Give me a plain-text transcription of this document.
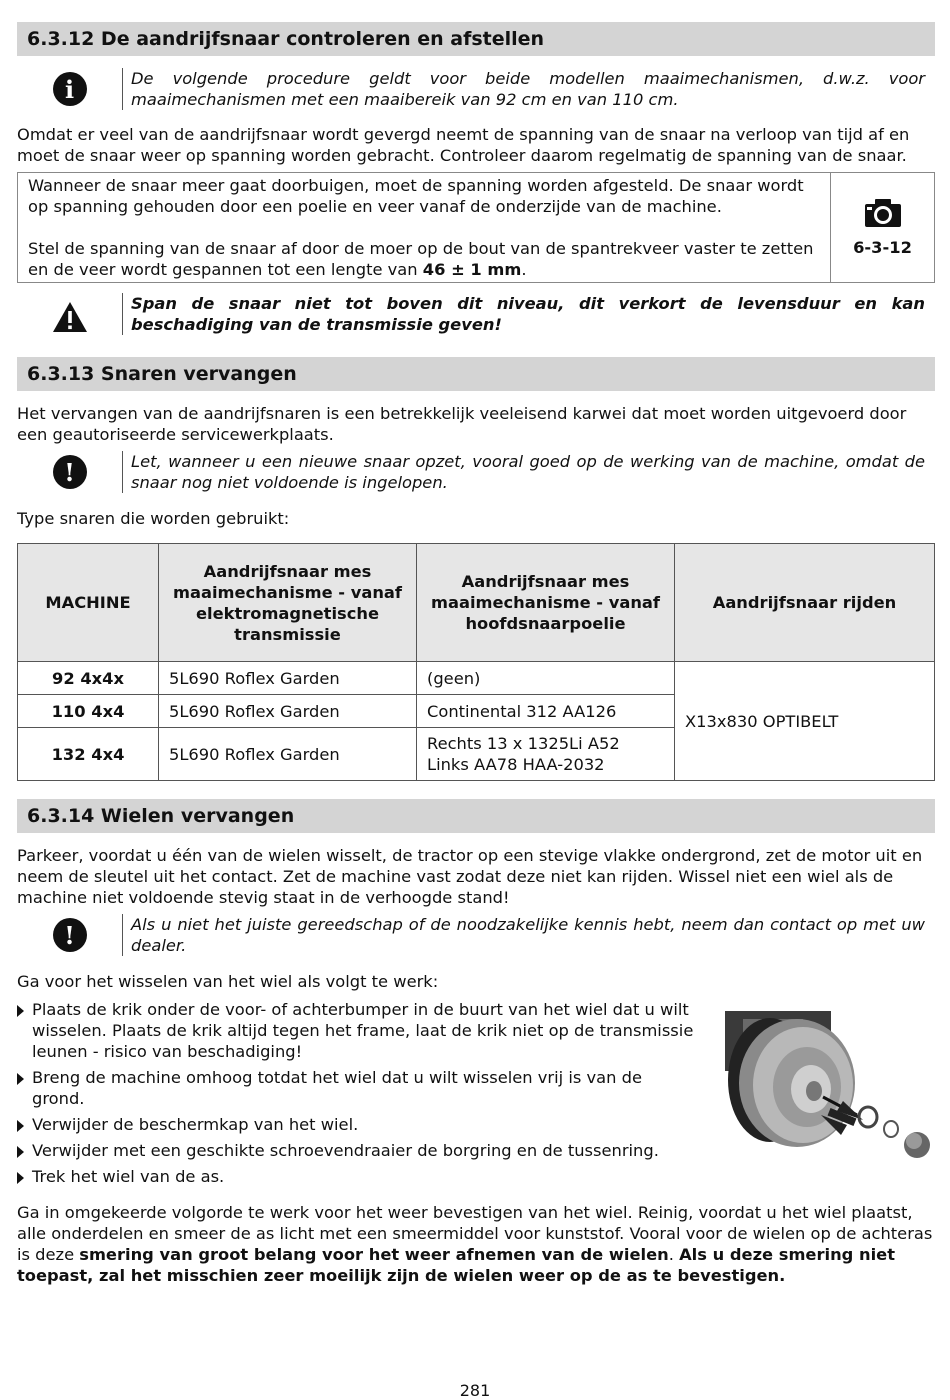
6.3.12 De aandrijfsnaar controleren en afstellen
i	De volgende procedure geldt voor beide modellen maaimechanismen, d.w.z. voor maaimechanismen met een maaibereik van 92 cm en van 110 cm.

Omdat er veel van de aandrijfsnaar wordt gevergd neemt de spanning van de snaar na verloop van tijd af en moet de snaar weer op spanning worden gebracht. Controleer daarom regelmatig de spanning van de snaar.

Wanneer de snaar meer gaat doorbuigen, moet de spanning worden afgesteld. De snaar wordt op spanning gehouden door een poelie en veer vanaf de onderzijde van de machine.

Stel de spanning van de snaar af door de moer op de bout van de spantrekveer vaster te zetten en de veer wordt gespannen tot een lengte van 46 ± 1 mm.

6-3-12
Span de snaar niet tot boven dit niveau, dit verkort de levensduur en kan beschadiging van de transmissie geven!
6.3.13 Snaren vervangen

Het vervangen van de aandrijfsnaren is een betrekkelijk veeleisend karwei dat moet worden uitgevoerd door een geautoriseerde servicewerkplaats.

!	Let, wanneer u een nieuwe snaar opzet, vooral goed op de werking van de machine, omdat de snaar nog niet voldoende is ingelopen.

Type snaren die worden gebruikt:

MACHINE	Aandrijfsnaar mes maaimechanisme - vanaf elektromagnetische transmissie	Aandrijfsnaar mes maaimechanisme - vanaf hoofdsnaarpoelie	Aandrijfsnaar rijden
92 4x4x	5L690 Roflex Garden	(geen)	X13x830 OPTIBELT
110 4x4	5L690 Roflex Garden	Continental 312 AA126	
132 4x4	5L690 Roflex Garden	Rechts 13 x 1325Li A52
Links AA78 HAA-2032	
6.3.14 Wielen vervangen

Parkeer, voordat u één van de wielen wisselt, de tractor op een stevige vlakke ondergrond, zet de motor uit en neem de sleutel uit het contact. Zet de machine vast zodat deze niet kan rijden. Wissel niet een wiel als de machine niet voldoende stevig staat in de verhoogde stand!

!	Als u niet het juiste gereedschap of de noodzakelijke kennis hebt, neem dan contact op met uw dealer.

Ga voor het wisselen van het wiel als volgt te werk:

Plaats de krik onder de voor- of achterbumper in de buurt van het wiel dat u wilt wisselen. Plaats de krik altijd tegen het frame, laat de krik niet op de transmissie leunen - risico van beschadiging!
Breng de machine omhoog totdat het wiel dat u wilt wisselen vrij is van de grond.
Verwijder de beschermkap van het wiel.
Verwijder met een geschikte schroevendraaier de borgring en de tussenring.
Trek het wiel van de as.

Ga in omgekeerde volgorde te werk voor het weer bevestigen van het wiel. Reinig, voordat u het wiel plaatst, alle onderdelen en smeer de as licht met een smeermiddel voor kunststof. Vooral voor de wielen op de achteras is deze smering van groot belang voor het weer afnemen van de wielen. Als u deze smering niet toepast, zal het misschien zeer moeilijk zijn de wielen weer op de as te bevestigen.

281
